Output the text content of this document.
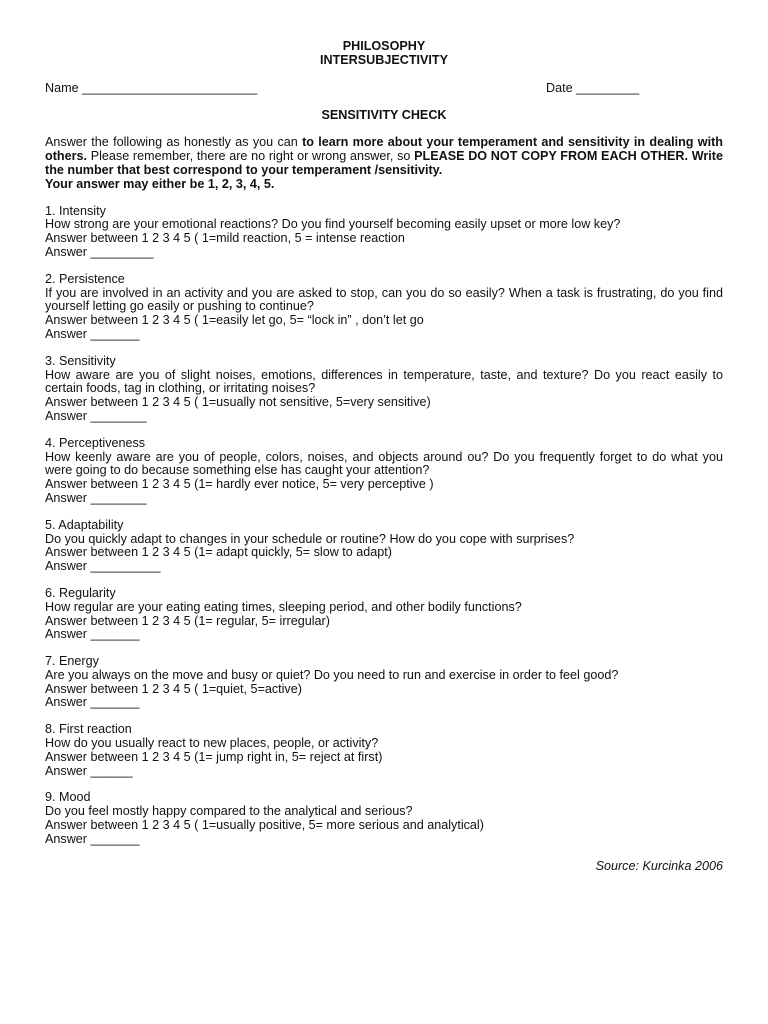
PHILOSOPHY
INTERSUBJECTIVITY
Name _________________________	Date _________
SENSITIVITY CHECK
Answer the following as honestly as you can to learn more about your temperament and sensitivity in dealing with others. Please remember, there are no right or wrong answer, so PLEASE DO NOT COPY FROM EACH OTHER. Write the number that best correspond to your temperament /sensitivity.
Your answer may either be 1, 2, 3, 4, 5.
1. Intensity
How strong are your emotional reactions? Do you find yourself becoming easily upset or more low key?
Answer between 1 2 3 4 5 ( 1=mild reaction, 5 = intense reaction
Answer _________
2. Persistence
If you are involved in an activity and you are asked to stop, can you do so easily? When a task is frustrating, do you find yourself letting go easily or pushing to continue?
Answer between 1 2 3 4 5 ( 1=easily let go, 5= “lock in” , don’t let go
Answer _______
3. Sensitivity
How aware are you of slight noises, emotions, differences in temperature, taste, and texture? Do you react easily to certain foods, tag in clothing, or irritating noises?
Answer between 1 2 3 4 5 ( 1=usually not sensitive, 5=very sensitive)
Answer ________
4. Perceptiveness
How keenly aware are you of people, colors, noises, and objects around ou? Do you frequently forget to do what you were going to do because something else has caught your attention?
Answer between 1 2 3 4 5 (1= hardly ever notice, 5= very perceptive )
Answer ________
5. Adaptability
Do you quickly adapt to changes in your schedule or routine? How do you cope with surprises?
Answer between 1 2 3 4 5 (1= adapt quickly, 5= slow to adapt)
Answer __________
6. Regularity
How regular are your eating eating times, sleeping period, and other bodily functions?
Answer between 1 2 3 4 5 (1= regular, 5= irregular)
Answer _______
7. Energy
Are you always on the move and busy or quiet? Do you need to run and exercise in order to feel good?
Answer between 1 2 3 4 5 ( 1=quiet, 5=active)
Answer _______
8. First reaction
How do you usually react to new places, people, or activity?
Answer between 1 2 3 4 5 (1= jump right in, 5= reject at first)
Answer ______
9. Mood
Do you feel mostly happy compared to the analytical and serious?
Answer between 1 2 3 4 5 ( 1=usually positive, 5= more serious and analytical)
Answer _______
Source: Kurcinka 2006
